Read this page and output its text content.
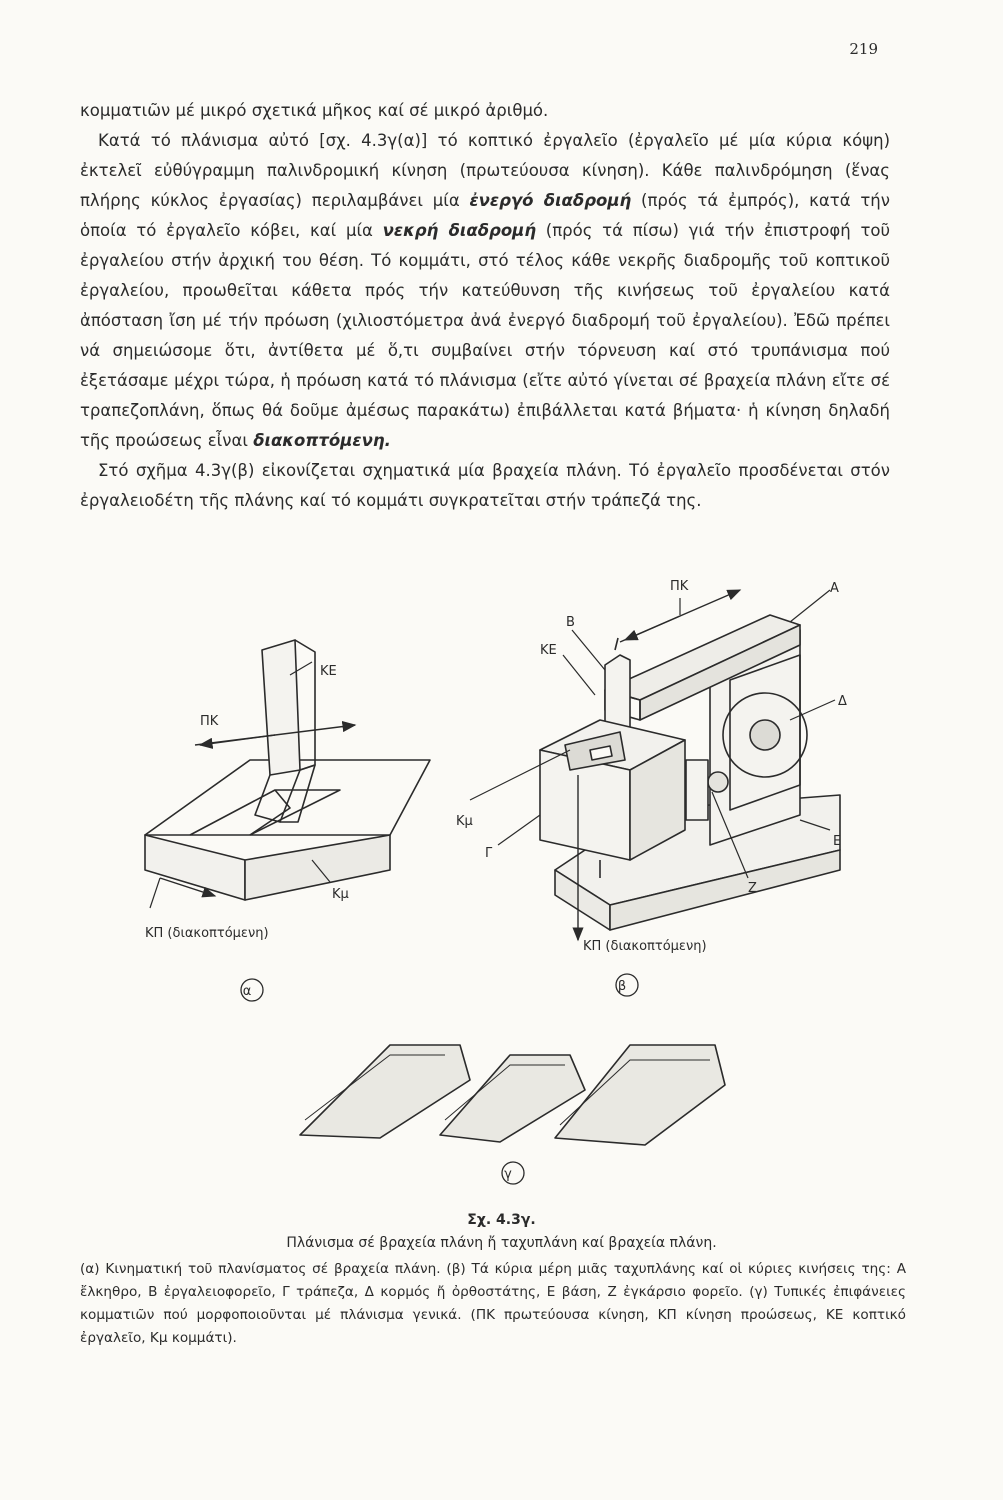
219

κομματιῶν μέ μικρό σχετικά μῆκος καί σέ μικρό ἀριθμό.

Κατά τό πλάνισμα αὐτό [σχ. 4.3γ(α)] τό κοπτικό ἐργαλεῖο (ἐργαλεῖο μέ μία κύρια κόψη) ἐκτελεῖ εὐθύγραμμη παλινδρομική κίνηση (πρωτεύουσα κίνηση). Κάθε παλινδρόμηση (ἕνας πλήρης κύκλος ἐργασίας) περιλαμβάνει μία ἐνεργό διαδρομή (πρός τά ἐμπρός), κατά τήν ὁποία τό ἐργαλεῖο κόβει, καί μία νεκρή διαδρομή (πρός τά πίσω) γιά τήν ἐπιστροφή τοῦ ἐργαλείου στήν ἀρχική του θέση. Τό κομμάτι, στό τέλος κάθε νεκρῆς διαδρομῆς τοῦ κοπτικοῦ ἐργαλείου, προωθεῖται κάθετα πρός τήν κατεύθυνση τῆς κινήσεως τοῦ ἐργαλείου κατά ἀπόσταση ἴση μέ τήν πρόωση (χιλιοστόμετρα ἀνά ἐνεργό διαδρομή τοῦ ἐργαλείου). Ἐδῶ πρέπει νά σημειώσομε ὅτι, ἀντίθετα μέ ὅ,τι συμβαίνει στήν τόρνευση καί στό τρυπάνισμα πού ἐξετάσαμε μέχρι τώρα, ἡ πρόωση κατά τό πλάνισμα (εἴτε αὐτό γίνεται σέ βραχεία πλάνη εἴτε σέ τραπεζοπλάνη, ὅπως θά δοῦμε ἀμέσως παρακάτω) ἐπιβάλλεται κατά βήματα· ἡ κίνηση δηλαδή τῆς προώσεως εἶναι διακοπτόμενη.

Στό σχῆμα 4.3γ(β) εἰκονίζεται σχηματικά μία βραχεία πλάνη. Τό ἐργαλεῖο προσδένεται στόν ἐργαλειοδέτη τῆς πλάνης καί τό κομμάτι συγκρατεῖται στήν τράπεζά της.

ΚΕ
ΠΚ
Κμ
ΚΠ (διακοπτόμενη)
α
ΠΚ	Α
Β
ΚΕ
Δ
Ε
Ζ
Κμ
Γ
ΚΠ (διακοπτόμενη)
β
γ
Σχ. 4.3γ.
Πλάνισμα σέ βραχεία πλάνη ἤ ταχυπλάνη καί βραχεία πλάνη.
(α) Κινηματική τοῦ πλανίσματος σέ βραχεία πλάνη. (β) Τά κύρια μέρη μιᾶς ταχυπλάνης καί οἱ κύριες κινήσεις της: Α ἔλκηθρο, Β ἐργαλειοφορεῖο, Γ τράπεζα, Δ κορμός ἤ ὀρθοστάτης, Ε βάση, Ζ ἐγκάρσιο φορεῖο. (γ) Τυπικές ἐπιφάνειες κομματιῶν πού μορφοποιοῦνται μέ πλάνισμα γενικά. (ΠΚ πρωτεύουσα κίνηση, ΚΠ κίνηση προώσεως, ΚΕ κοπτικό ἐργαλεῖο, Κμ κομμάτι).
